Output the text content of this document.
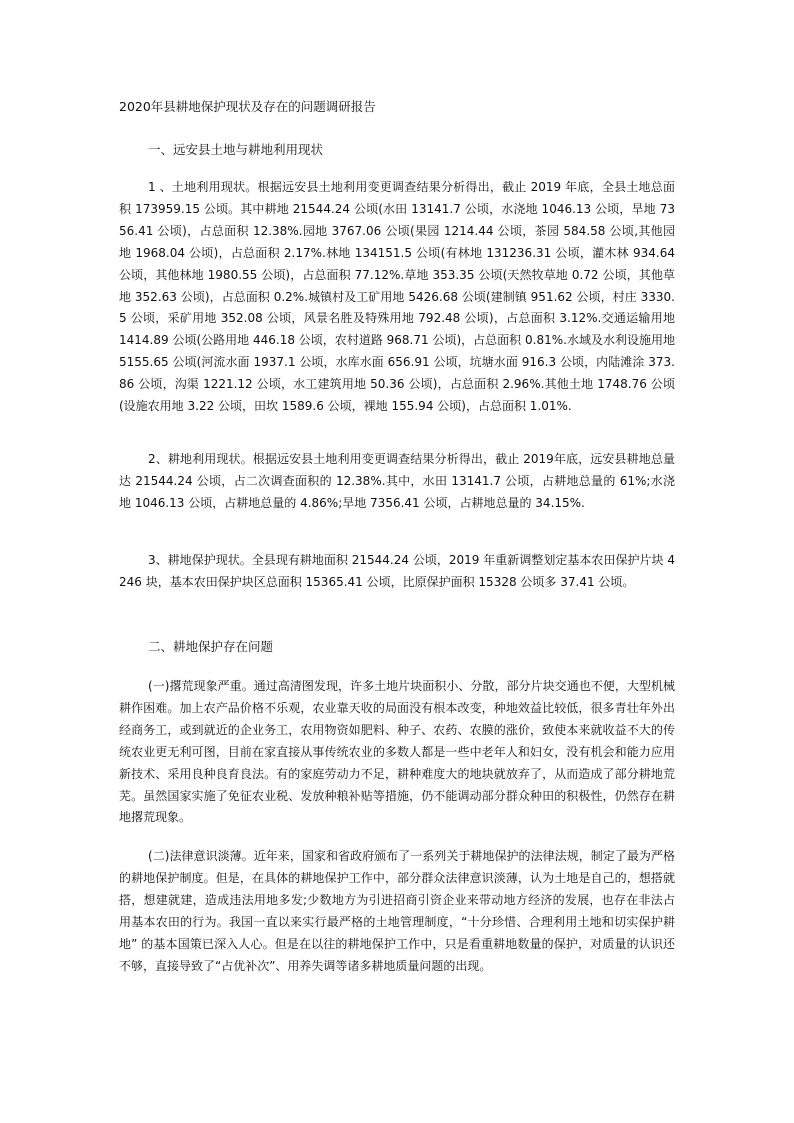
2020年县耕地保护现状及存在的问题调研报告
一、远安县土地与耕地利用现状

1 、土地利用现状。根据远安县土地利用变更调查结果分析得出，截止 2019 年底，全县土地总面积 173959.15 公顷。其中耕地 21544.24 公顷(水田 13141.7 公顷，水浇地 1046.13 公顷，旱地 7356.41 公顷)，占总面积 12.38%.园地 3767.06 公顷(果园 1214.44 公顷，茶园 584.58 公顷,其他园地 1968.04 公顷)，占总面积 2.17%.林地 134151.5 公顷(有林地 131236.31 公顷，灌木林 934.64 公顷，其他林地 1980.55 公顷)，占总面积 77.12%.草地 353.35 公顷(天然牧草地 0.72 公顷，其他草地 352.63 公顷)，占总面积 0.2%.城镇村及工矿用地 5426.68 公顷(建制镇 951.62 公顷，村庄 3330.5 公顷，采矿用地 352.08 公顷，风景名胜及特殊用地 792.48 公顷)，占总面积 3.12%.交通运输用地 1414.89 公顷(公路用地 446.18 公顷，农村道路 968.71 公顷)，占总面积 0.81%.水域及水利设施用地 5155.65 公顷(河流水面 1937.1 公顷，水库水面 656.91 公顷，坑塘水面 916.3 公顷，内陆滩涂 373.86 公顷，沟渠 1221.12 公顷，水工建筑用地 50.36 公顷)，占总面积 2.96%.其他土地 1748.76 公顷(设施农用地 3.22 公顷，田坎 1589.6 公顷，裸地 155.94 公顷)，占总面积 1.01%.

2、耕地利用现状。根据远安县土地利用变更调查结果分析得出，截止 2019年底，远安县耕地总量达 21544.24 公顷，占二次调查面积的 12.38%.其中，水田 13141.7 公顷，占耕地总量的 61%;水浇地 1046.13 公顷，占耕地总量的 4.86%;旱地 7356.41 公顷，占耕地总量的 34.15%.

3、耕地保护现状。全县现有耕地面积 21544.24 公顷，2019 年重新调整划定基本农田保护片块 4246 块，基本农田保护块区总面积 15365.41 公顷，比原保护面积 15328 公顷多 37.41 公顷。

二、耕地保护存在问题

(一)撂荒现象严重。通过高清图发现，许多土地片块面积小、分散，部分片块交通也不便，大型机械耕作困难。加上农产品价格不乐观，农业靠天收的局面没有根本改变，种地效益比较低，很多青壮年外出经商务工，或到就近的企业务工，农用物资如肥料、种子、农药、农膜的涨价，致使本来就收益不大的传统农业更无利可图，目前在家直接从事传统农业的多数人都是一些中老年人和妇女，没有机会和能力应用新技术、采用良种良育良法。有的家庭劳动力不足，耕种难度大的地块就放弃了，从而造成了部分耕地荒芜。虽然国家实施了免征农业税、发放种粮补贴等措施，仍不能调动部分群众种田的积极性，仍然存在耕地撂荒现象。

(二)法律意识淡薄。近年来，国家和省政府颁布了一系列关于耕地保护的法律法规，制定了最为严格的耕地保护制度。但是，在具体的耕地保护工作中，部分群众法律意识淡薄，认为土地是自己的，想搭就搭，想建就建，造成违法用地多发;少数地方为引进招商引资企业来带动地方经济的发展，也存在非法占用基本农田的行为。我国一直以来实行最严格的土地管理制度，“十分珍惜、合理利用土地和切实保护耕地” 的基本国策已深入人心。但是在以往的耕地保护工作中，只是看重耕地数量的保护，对质量的认识还不够，直接导致了“占优补次”、用养失调等诸多耕地质量问题的出现。
